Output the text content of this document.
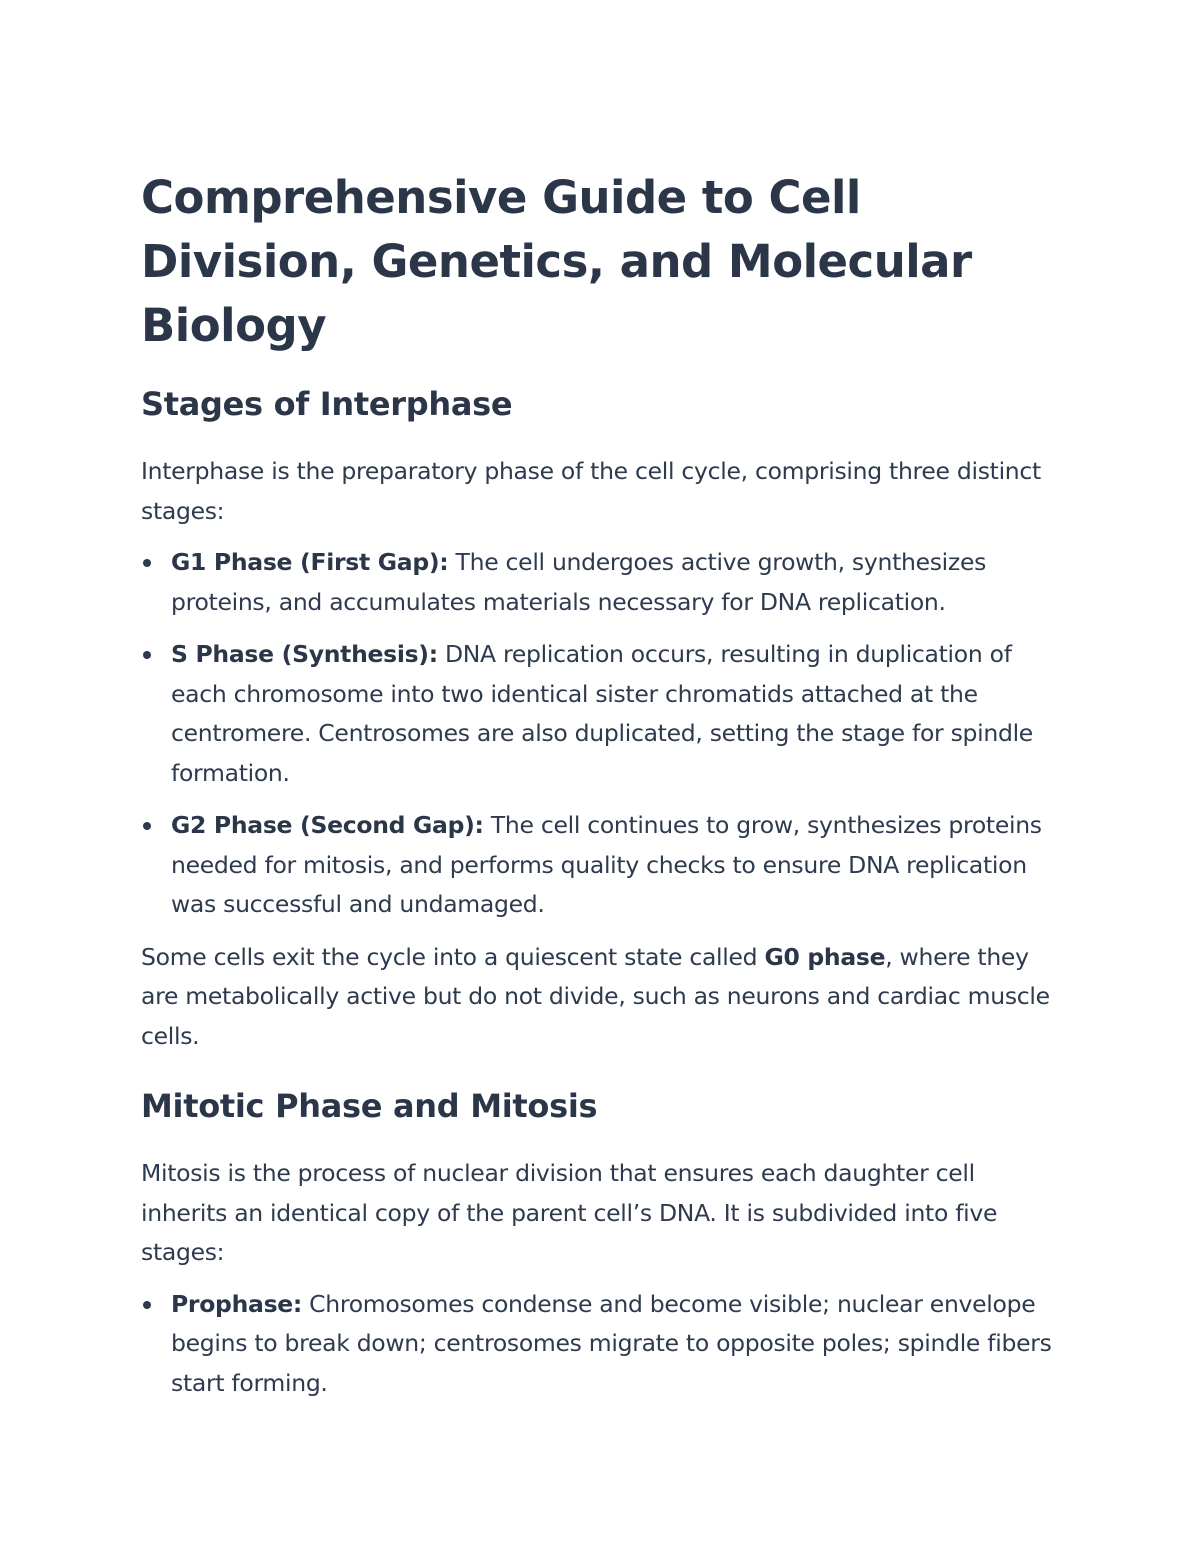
Comprehensive Guide to Cell Division, Genetics, and Molecular Biology
Stages of Interphase

Interphase is the preparatory phase of the cell cycle, comprising three distinct stages:

G1 Phase (First Gap): The cell undergoes active growth, synthesizes proteins, and accumulates materials necessary for DNA replication.
S Phase (Synthesis): DNA replication occurs, resulting in duplication of each chromosome into two identical sister chromatids attached at the centromere. Centrosomes are also duplicated, setting the stage for spindle formation.
G2 Phase (Second Gap): The cell continues to grow, synthesizes proteins needed for mitosis, and performs quality checks to ensure DNA replication was successful and undamaged.

Some cells exit the cycle into a quiescent state called G0 phase, where they are metabolically active but do not divide, such as neurons and cardiac muscle cells.

Mitotic Phase and Mitosis

Mitosis is the process of nuclear division that ensures each daughter cell inherits an identical copy of the parent cell’s DNA. It is subdivided into five stages:

Prophase: Chromosomes condense and become visible; nuclear envelope begins to break down; centrosomes migrate to opposite poles; spindle fibers start forming.
